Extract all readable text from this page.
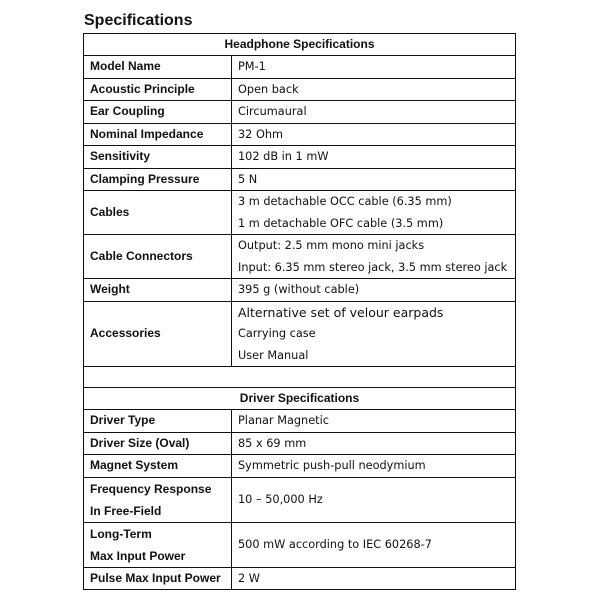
Specifications
Headphone Specifications	
Model Name	PM-1

Acoustic Principle	Open back

Ear Coupling	Circumaural

Nominal Impedance	32 Ohm

Sensitivity	102 dB in 1 mW

Clamping Pressure	5 N

Cables	3 m detachable OCC cable (6.35 mm)
1 m detachable OFC cable (3.5 mm)

Cable Connectors	Output: 2.5 mm mono mini jacks
Input: 6.35 mm stereo jack, 3.5 mm stereo jack

Weight	395 g (without cable)

Accessories	Alternative set of velour earpads
Carrying case
User Manual

Driver Specifications	
Driver Type	Planar Magnetic

Driver Size (Oval)	85 x 69 mm

Magnet System	Symmetric push-pull neodymium

Frequency Response
In Free-Field	10 – 50,000 Hz

Long-Term
Max Input Power	500 mW according to IEC 60268-7

Pulse Max Input Power	2 W
